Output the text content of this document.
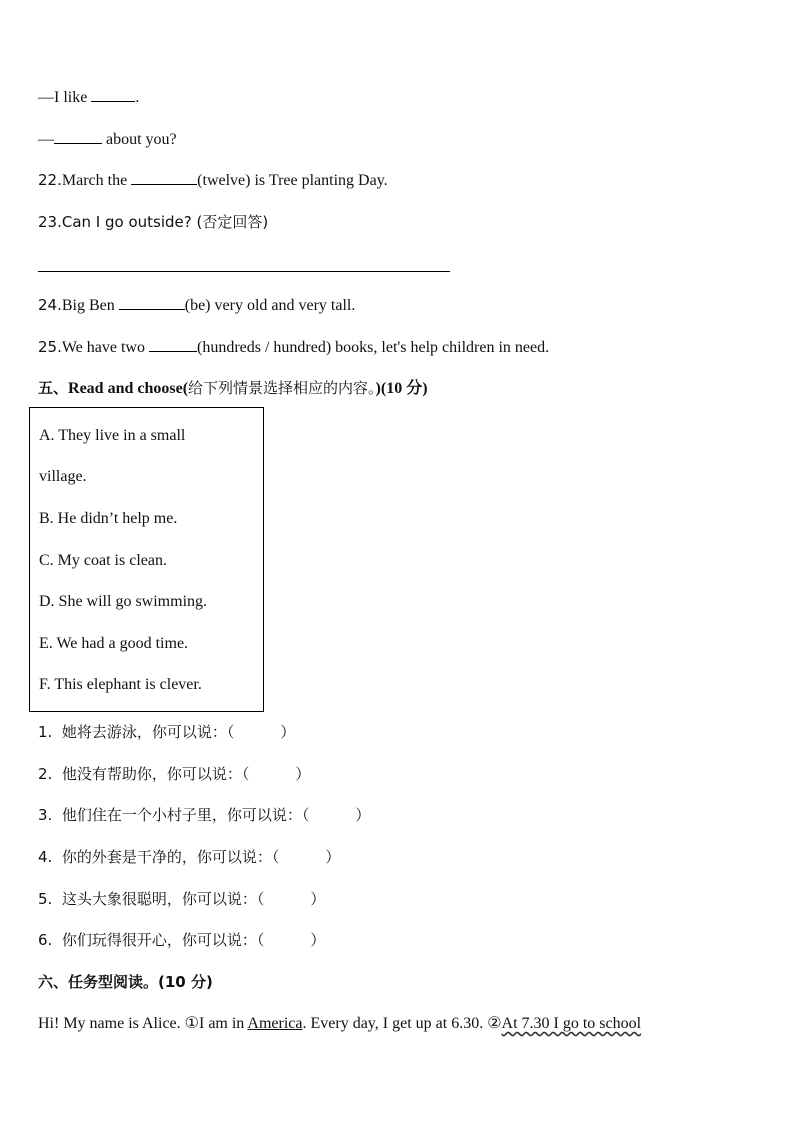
—I like	.
—	about you?
22.March the	(twelve) is Tree planting Day.
23.Can I go outside? (否定回答)
24.Big Ben	(be) very old and very tall.
25.We have two	(hundreds / hundred) books, let's help children in need.
五、Read and choose(给下列情景选择相应的内容。)(10 分)
A. They live in a small
village.
B. He didn’t help me.
C. My coat is clean.
D. She will go swimming.
E. We had a good time.
F. This elephant is clever.
1. 她将去游泳，你可以说：（	）
2. 他没有帮助你，你可以说：（	）
3. 他们住在一个小村子里，你可以说：（	）
4. 你的外套是干净的，你可以说：（	）
5. 这头大象很聪明，你可以说：（	）
6. 你们玩得很开心，你可以说：（	）
六、任务型阅读。(10 分)
Hi! My name is Alice. ①I am in America. Every day, I get up at 6.30. ②At 7.30 I go to school
